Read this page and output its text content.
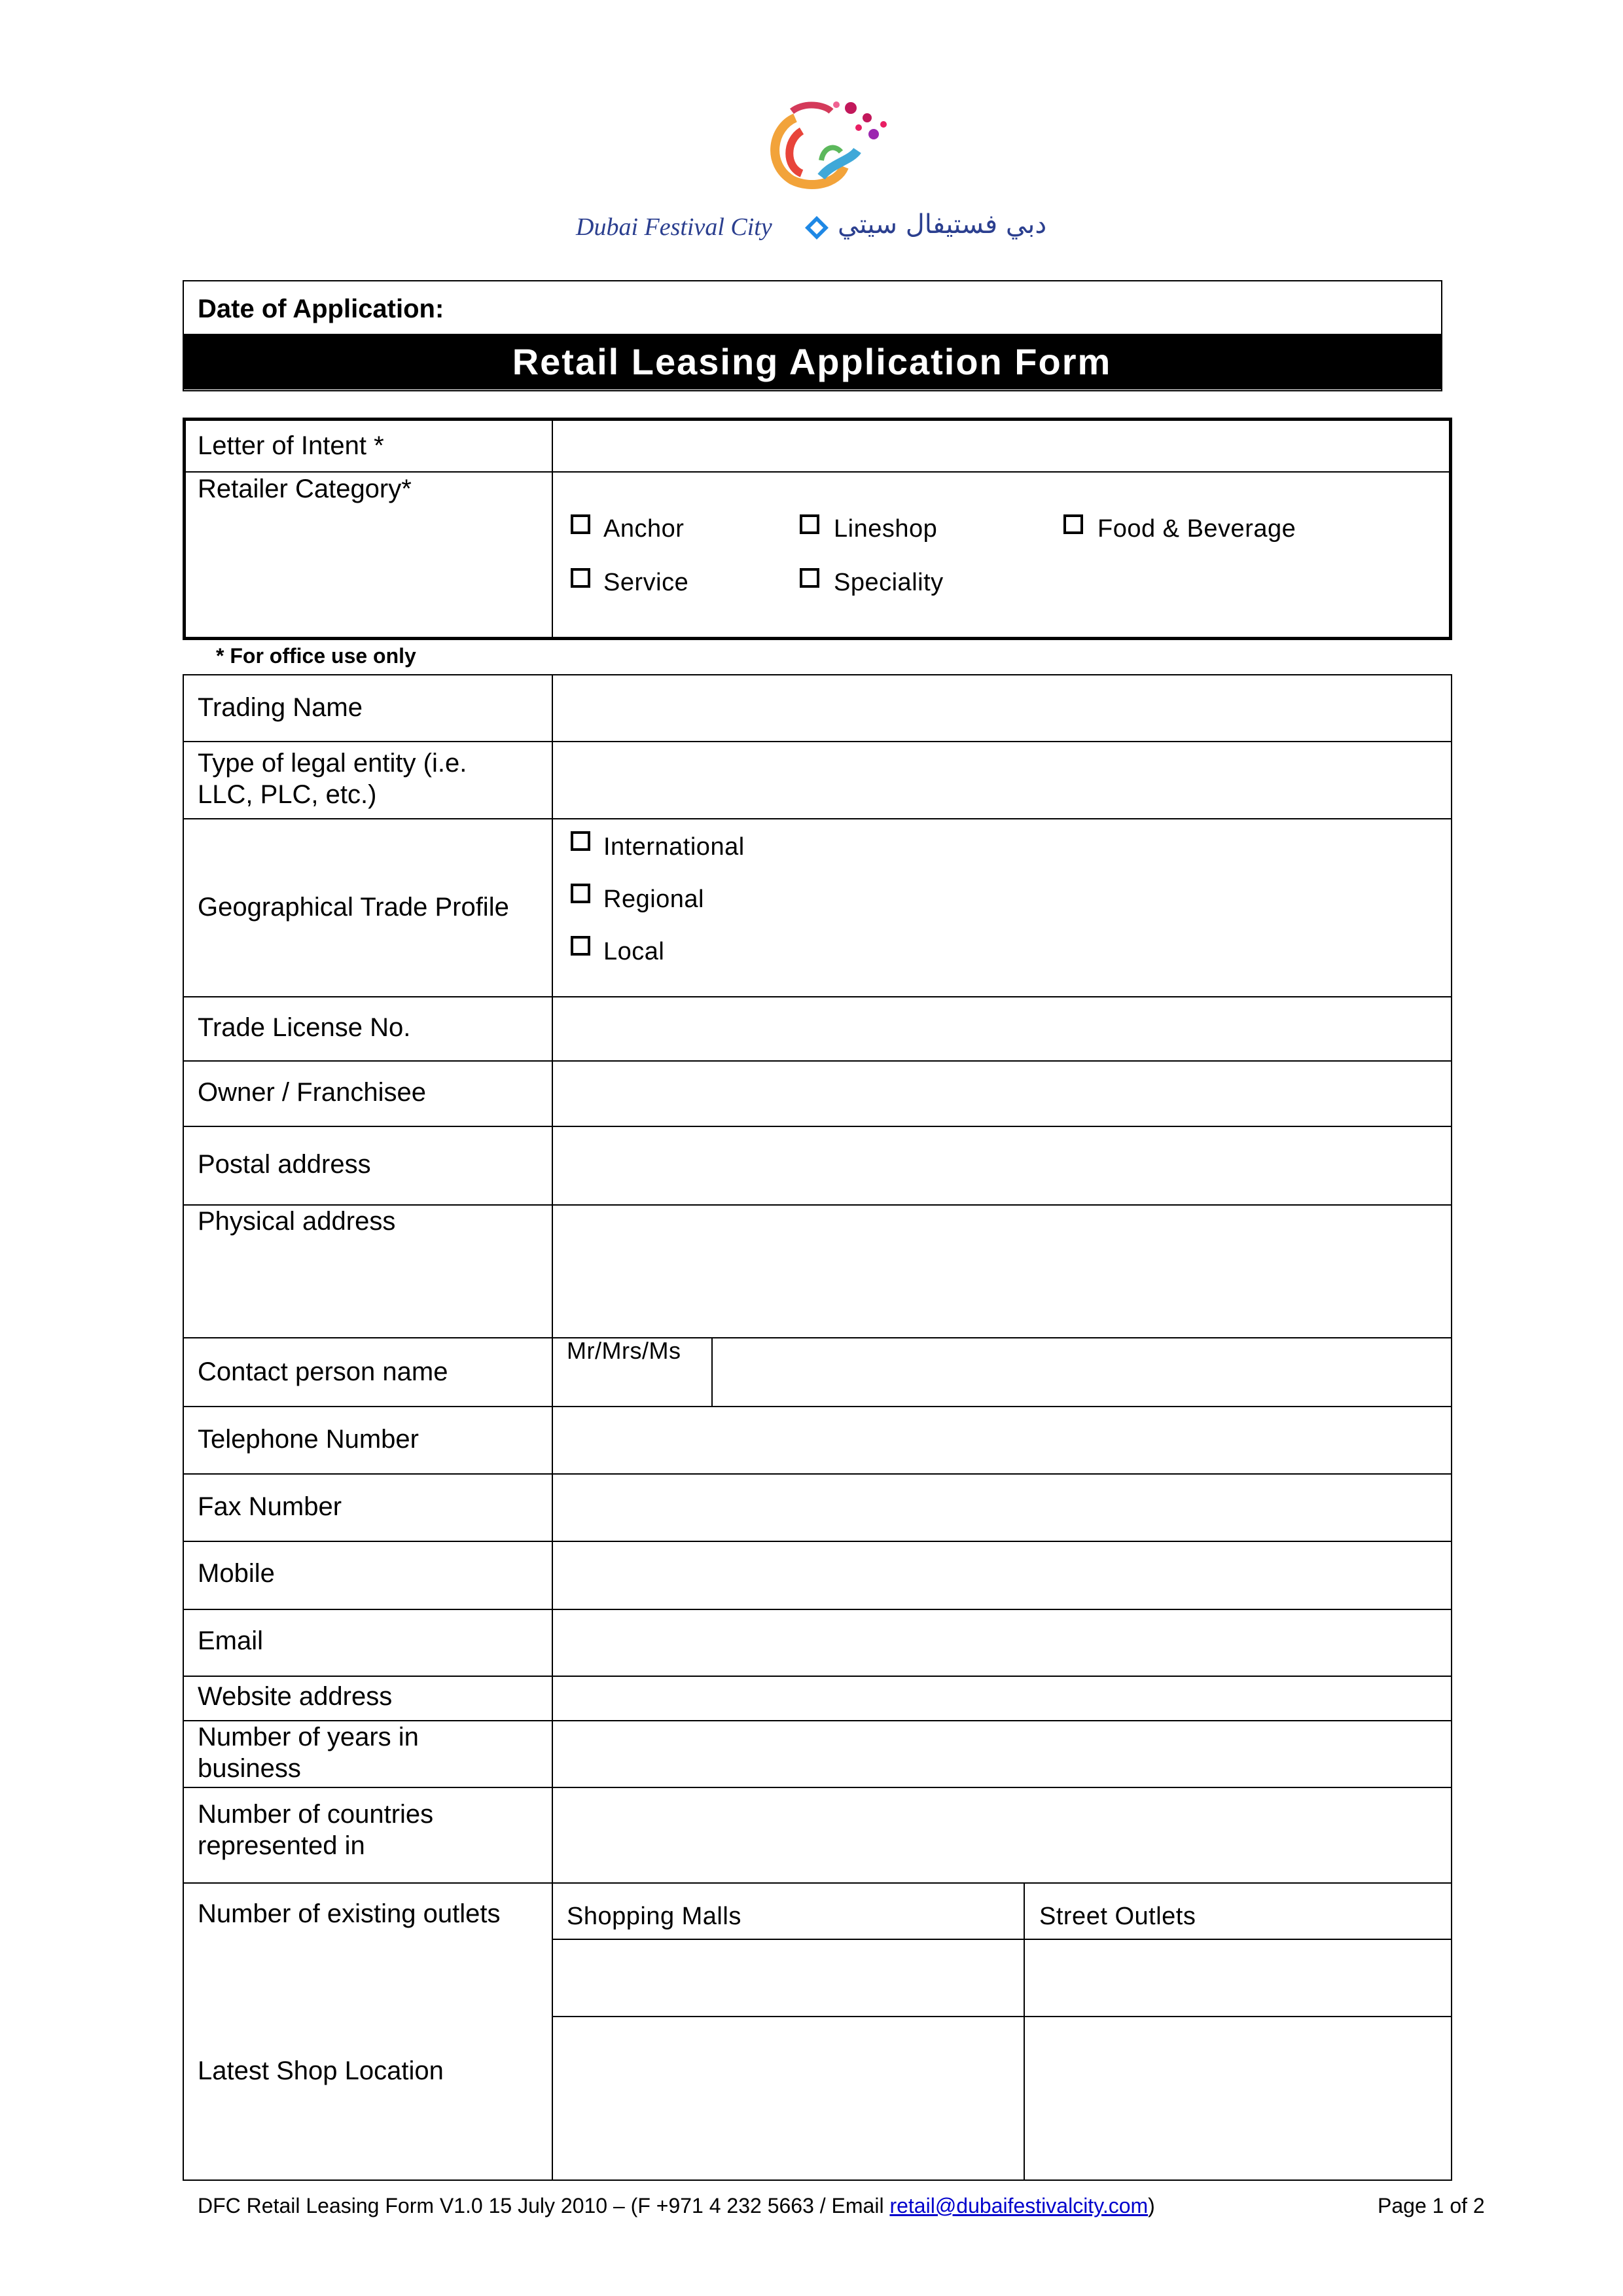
Dubai Festival City	دبي فستيفال سيتي
Date of Application:
Retail Leasing Application Form
Letter of Intent *
Retailer Category*
Anchor	Lineshop	Food & Beverage
Service	Speciality
* For office use only
Trading Name
Type of legal entity (i.e.
LLC, PLC, etc.)
Geographical Trade Profile
International
Regional
Local
Trade License No.
Owner / Franchisee
Postal address
Physical address
Contact person name
Mr/Mrs/Ms
Telephone Number
Fax Number
Mobile
Email
Website address
Number of years in
business
Number of countries
represented in
Number of existing outlets	Shopping Malls	Street Outlets
Latest Shop Location
DFC Retail Leasing Form V1.0 15 July 2010 – (F +971 4 232 5663 / Email retail@dubaifestivalcity.com)	Page 1 of 2
